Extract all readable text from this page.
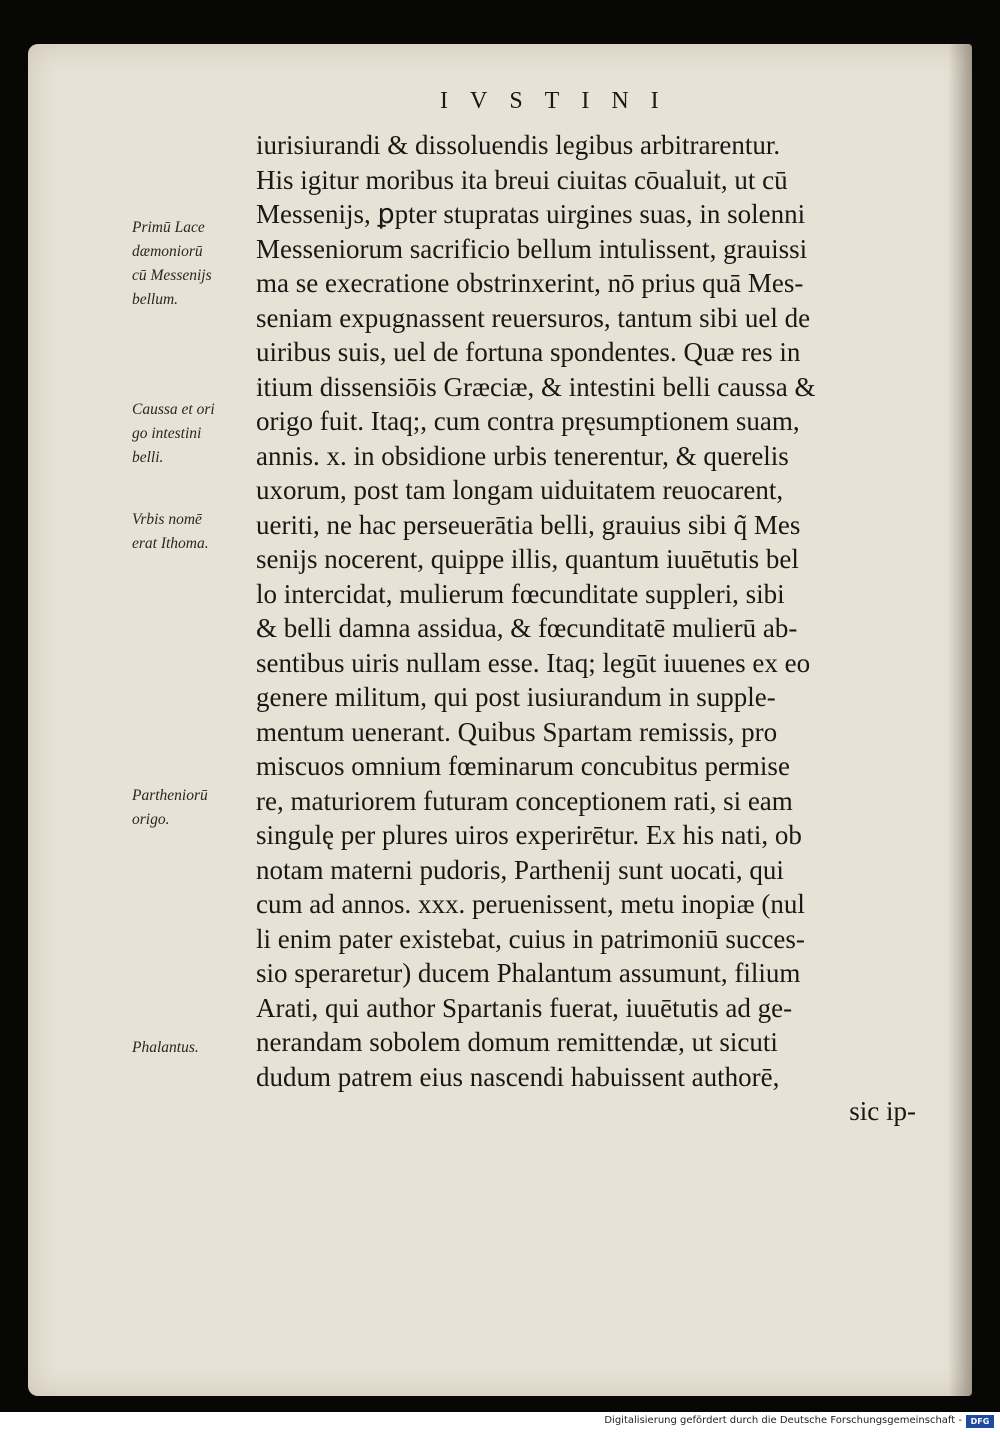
IVSTINI
iurisiurandi & dissoluendis legibus arbitrarentur.
His igitur moribus ita breui ciuitas cōualuit, ut cū
Messenijs, ꝑpter stupratas uirgines suas, in solenni
Messeniorum sacrificio bellum intulissent, grauissi
ma se execratione obstrinxerint, nō prius quā Mes-
seniam expugnassent reuersuros, tantum sibi uel de
uiribus suis, uel de fortuna spondentes. Quæ res in
itium dissensiōis Græciæ, & intestini belli caussa &
origo fuit. Itaq;, cum contra pręsumptionem suam,
annis. x. in obsidione urbis tenerentur, & querelis
uxorum, post tam longam uiduitatem reuocarent,
ueriti, ne hac perseuerātia belli, grauius sibi q̃ Mes
senijs nocerent, quippe illis, quantum iuuētutis bel
lo intercidat, mulierum fœcunditate suppleri, sibi
& belli damna assidua, & fœcunditatē mulierū ab-
sentibus uiris nullam esse. Itaq; legūt iuuenes ex eo
genere militum, qui post iusiurandum in supple-
mentum uenerant. Quibus Spartam remissis, pro
miscuos omnium fœminarum concubitus permise
re, maturiorem futuram conceptionem rati, si eam
singulę per plures uiros experirētur. Ex his nati, ob
notam materni pudoris, Parthenij sunt uocati, qui
cum ad annos. xxx. peruenissent, metu inopiæ (nul
li enim pater existebat, cuius in patrimoniū succes-
sio speraretur) ducem Phalantum assumunt, filium
Arati, qui author Spartanis fuerat, iuuētutis ad ge-
nerandam sobolem domum remittendæ, ut sicuti
dudum patrem eius nascendi habuissent authorē,
sic ip-
Primū Lace
dæmoniorū
cū Messenijs
bellum.
Caussa et ori
go intestini
belli.
Vrbis nomē
erat Ithoma.
Partheniorū
origo.
Phalantus.
Digitalisierung gefördert durch die Deutsche Forschungsgemeinschaft -	DFG
